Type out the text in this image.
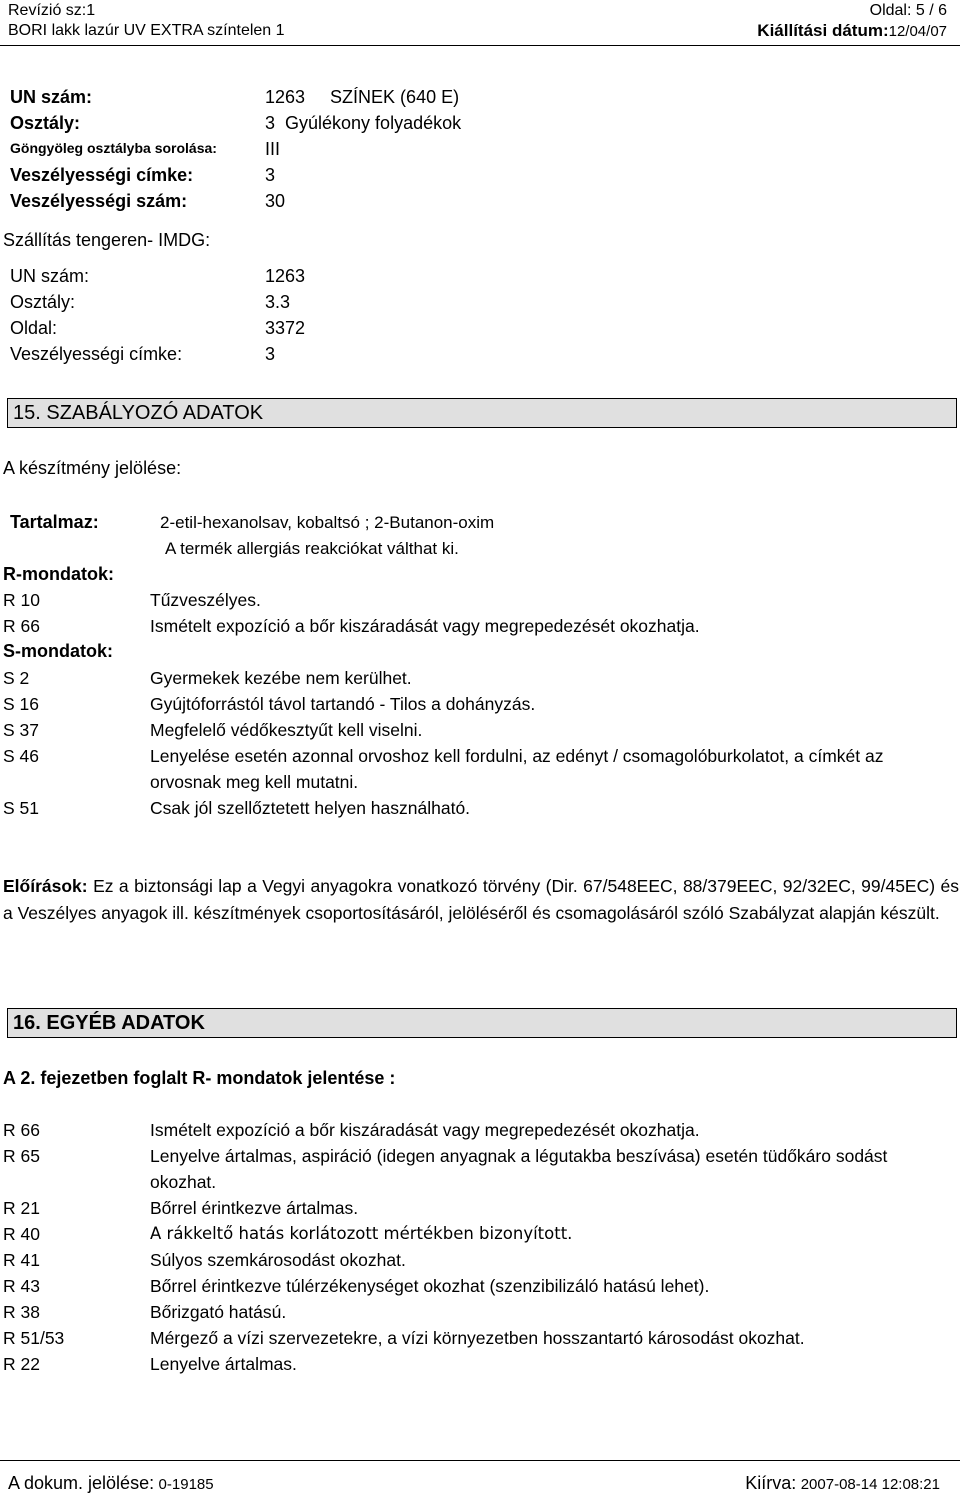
Revízió sz:1
BORI lakk lazúr UV EXTRA színtelen 1
Oldal: 5 / 6
Kiállítási dátum:12/04/07
UN szám:	1263     SZÍNEK (640 E)
Osztály:	3  Gyúlékony folyadékok
Göngyöleg osztályba sorolása:	III
Veszélyességi címke:	3
Veszélyességi szám:	30
Szállítás tengeren- IMDG:
UN szám:	1263
Osztály:	3.3
Oldal:	3372
Veszélyességi címke:	3
15. SZABÁLYOZÓ ADATOK
A készítmény jelölése:
Tartalmaz:	2-etil-hexanolsav, kobaltsó ; 2-Butanon-oxim
A termék allergiás reakciókat válthat ki.
R-mondatok:
R 10	Tűzveszélyes.
R 66	Ismételt expozíció a bőr kiszáradását vagy megrepedezését okozhatja.
S-mondatok:
S 2	Gyermekek kezébe nem kerülhet.
S 16	Gyújtóforrástól távol tartandó - Tilos a dohányzás.
S 37	Megfelelő védőkesztyűt kell viselni.
S 46	Lenyelése esetén azonnal orvoshoz kell fordulni, az edényt / csomagolóburkolatot, a címkét az
orvosnak meg kell mutatni.
S 51	Csak jól szellőztetett helyen használható.
Előírások: Ez a biztonsági lap a Vegyi anyagokra vonatkozó törvény (Dir. 67/548EEC, 88/379EEC, 92/32EC, 99/45EC) és a Veszélyes anyagok ill. készítmények csoportosításáról, jelöléséről és csomagolásáról szóló Szabályzat alapján készült.
16. EGYÉB ADATOK
A 2. fejezetben foglalt R- mondatok jelentése :
R 66	Ismételt expozíció a bőr kiszáradását vagy megrepedezését okozhatja.
R 65	Lenyelve ártalmas, aspiráció (idegen anyagnak a légutakba beszívása) esetén tüdőkáro sodást
okozhat.
R 21	Bőrrel érintkezve ártalmas.
R 40	A rákkeltő hatás korlátozott mértékben bizonyított.
R 41	Súlyos szemkárosodást okozhat.
R 43	Bőrrel érintkezve túlérzékenységet okozhat (szenzibilizáló hatású lehet).
R 38	Bőrizgató hatású.
R 51/53	Mérgező a vízi szervezetekre, a vízi környezetben hosszantartó károsodást okozhat.
R 22	Lenyelve ártalmas.
A dokum. jelölése: 0-19185	Kiírva: 2007-08-14 12:08:21
